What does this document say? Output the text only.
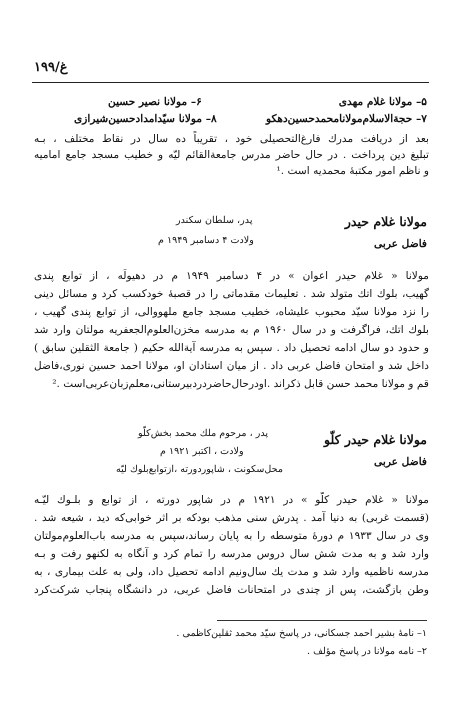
غ/۱۹۹
۵– مولانا غلام مهدی
۶– مولانا نصیر حسین
۷– حجة‌الاسلام‌مولانا‌محمد‌حسین‌دهکو
۸– مولانا سیّدامدادحسین‌شیرازی
بعد از دریافت مدرك فارغ‌التحصیلی خود ، تقریباً ده سال در نقاط مختلف ، بـه
تبلیغ دین پرداخت . در حال حاضر مدرس جامعة‌القائم لیّه و خطیب مسجد جامع امامیه
و ناظم امور مکتبهٔ محمدیه است .¹
مولانا غلام حیدر
فاضل عربی
پدر، سلطان سکندر
ولادت ۴ دسامبر ۱۹۴۹ م
مولانا « غلام حیدر اعوان » در ۴ دسامبر ۱۹۴۹ م در دهیولَه ، از توابع پندی
گهیب، بلوك اتك متولد شد . تعلیمات مقدماتی را در قصبهٔ خودکسب کرد و مسائل دینی
را نزد مولانا سیّد محبوب علیشاه، خطیب مسجد جامع ملهووالی، از توابع پندی گهیب ،
بلوك اتك، فراگرفت و در سال ۱۹۶۰ م به مدرسه مخزن‌العلوم‌الجعفریه مولتان وارد شد
و حدود دو سال ادامه تحصیل داد . سپس به مدرسه آیة‌الله حکیم ( جامعة الثقلین سابق )
داخل شد و امتحان فاضل عربی داد . از میان استادان او، مولانا احمد حسین نوری،فاضل
قم و مولانا محمد حسن قابل ذکراند .اودرحال‌حاضردردبیرستانی،معلم‌زبان‌عربی‌است .²
مولانا غلام حیدر کلّو
فاضل عربی
پدر ، مرحوم ملك محمد بخش‌كلّو
ولادت ، اکتبر ۱۹۲۱ م
محل‌سکونت ، شاپوردورته ،از‌توابع‌بلوك لیّه
مولانا « غلام حیدر کلّو » در ۱۹۲۱ م در شاپور دورته ، از توابع و بلـوك لیّـه
(قسمت غربی) به دنیا آمد . پدرش سنی مذهب بودکه بر اثر خوابی‌که دید ، شیعه شد .
وی در سال ۱۹۳۳ م دورهٔ متوسطه را به پایان رساند،سپس به مدرسه باب‌العلوم‌مولتان
وارد شد و به مدت شش سال دروس مدرسه را تمام کرد و آنگاه به لکنهو رفت و بـه
مدرسه ناظمیه وارد شد و مدت یك سال‌ونیم ادامه تحصیل داد، ولی به علت بیماری ، به
وطن بازگشت، پس از چندی در امتحانات فاضل عربی، در دانشگاه پنجاب شرکت‌کرد
۱– نامهٔ بشیر احمد جسکانی، در پاسخ سیّد محمد ثقلین‌کاظمی .
۲– نامه مولانا در پاسخ مؤلف .
